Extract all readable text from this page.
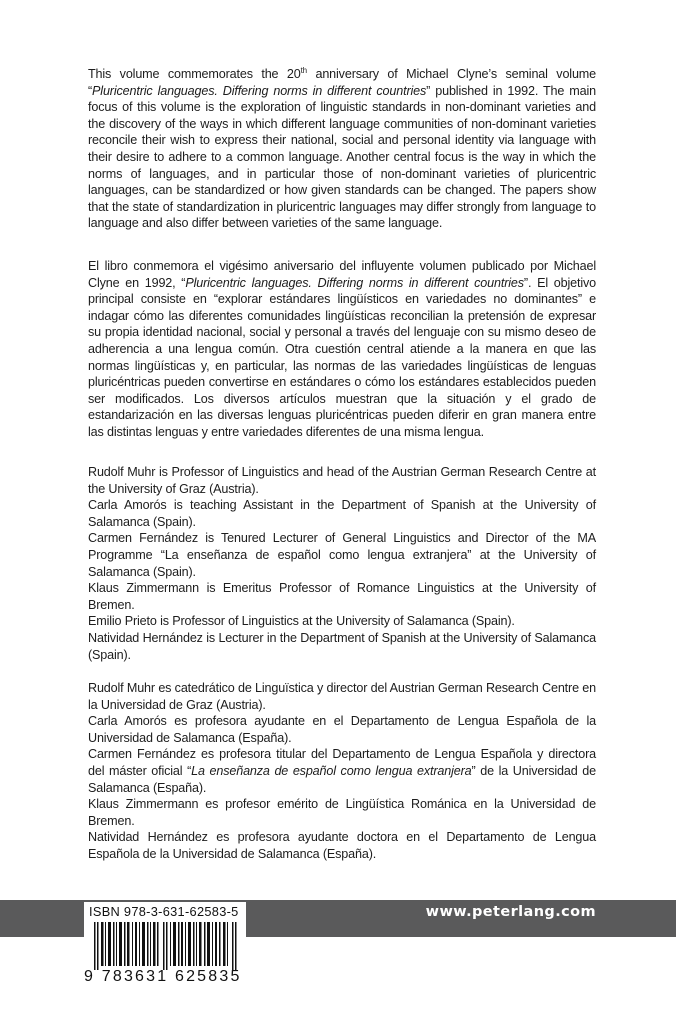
This volume commemorates the 20th anniversary of Michael Clyne’s seminal volume “Pluricentric languages. Differing norms in different countries” published in 1992. The main focus of this volume is the exploration of linguistic standards in non-dominant varieties and the discovery of the ways in which different language communities of non-dominant varieties reconcile their wish to express their national, social and personal identity via language with their desire to adhere to a common language. Another central focus is the way in which the norms of languages, and in particular those of non-dominant varieties of pluricentric languages, can be standardized or how given standards can be changed. The papers show that the state of standardization in pluricentric languages may differ strongly from language to language and also differ between varieties of the same language.

El libro conmemora el vigésimo aniversario del influyente volumen publicado por Michael Clyne en 1992, “Pluricentric languages. Differing norms in different countries”. El objetivo principal consiste en “explorar estándares lingüísticos en variedades no dominantes” e indagar cómo las diferentes comunidades lingüísticas reconcilian la pretensión de expresar su propia identidad nacional, social y personal a través del lenguaje con su mismo deseo de adherencia a una lengua común. Otra cuestión central atiende a la manera en que las normas lingüísticas y, en particular, las normas de las variedades lingüísticas de lenguas pluricéntricas pueden convertirse en estándares o cómo los estándares establecidos pueden ser modificados. Los diversos artículos muestran que la situación y el grado de estandarización en las diversas lenguas pluricéntricas pueden diferir en gran manera entre las distintas lenguas y entre variedades diferentes de una misma lengua.

Rudolf Muhr is Professor of Linguistics and head of the Austrian German Research Centre at the University of Graz (Austria).

Carla Amorós is teaching Assistant in the Department of Spanish at the University of Salamanca (Spain).

Carmen Fernández is Tenured Lecturer of General Linguistics and Director of the MA Programme “La enseñanza de español como lengua extranjera” at the University of Salamanca (Spain).

Klaus Zimmermann is Emeritus Professor of Romance Linguistics at the University of Bremen.

Emilio Prieto is Professor of Linguistics at the University of Salamanca (Spain).

Natividad Hernández is Lecturer in the Department of Spanish at the University of Salamanca (Spain).

Rudolf Muhr es catedrático de Linguïstica y director del Austrian German Research Centre en la Universidad de Graz (Austria).

Carla Amorós es profesora ayudante en el Departamento de Lengua Española de la Universidad de Salamanca (España).

Carmen Fernández es profesora titular del Departamento de Lengua Española y directora del máster oficial “La enseñanza de español como lengua extranjera” de la Universidad de Salamanca (España).

Klaus Zimmermann es profesor emérito de Lingüística Románica en la Universidad de Bremen.

Natividad Hernández es profesora ayudante doctora en el Departamento de Lengua Española de la Universidad de Salamanca (España).

www.peterlang.com
ISBN 978-3-631-62583-5
9 783631 625835
